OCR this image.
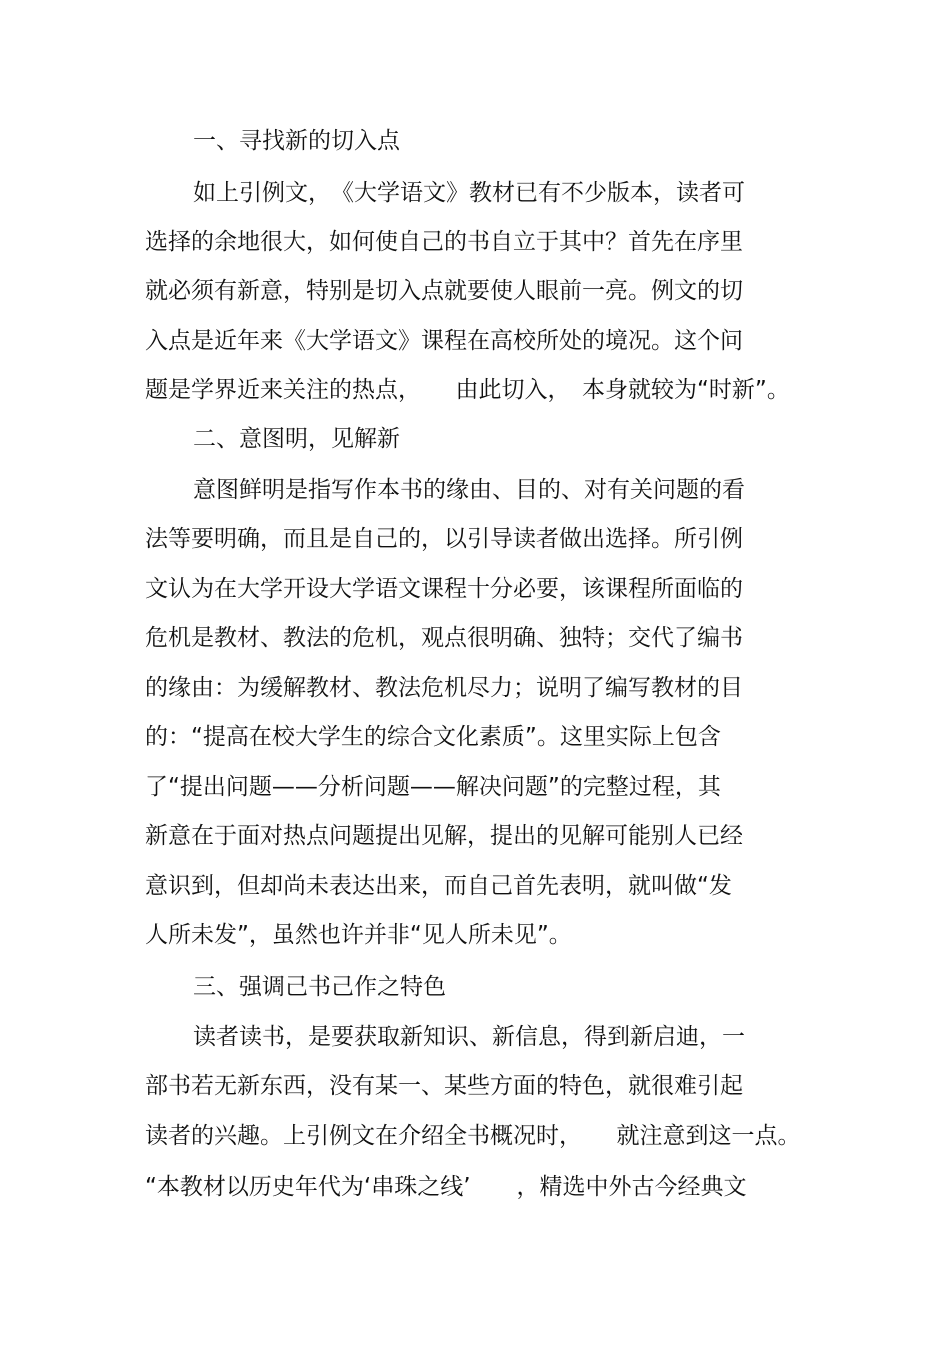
一、寻找新的切入点
如上引例文，　《大学语文》教材已有不少版本，读者可
选择的余地很大，如何使自己的书自立于其中？首先在序里
就必须有新意，特别是切入点就要使人眼前一亮。例文的切
入点是近年来《大学语文》课程在高校所处的境况。这个问
题是学界近来关注的热点，　　由此切入，　本身就较为“时新”。
二、意图明，见解新
意图鲜明是指写作本书的缘由、目的、对有关问题的看
法等要明确，而且是自己的，以引导读者做出选择。所引例
文认为在大学开设大学语文课程十分必要，该课程所面临的
危机是教材、教法的危机，观点很明确、独特；交代了编书
的缘由：为缓解教材、教法危机尽力；说明了编写教材的目
的：“提高在校大学生的综合文化素质”。这里实际上包含
了“提出问题——分析问题——解决问题”的完整过程，其
新意在于面对热点问题提出见解，提出的见解可能别人已经
意识到，但却尚未表达出来，而自己首先表明，就叫做“发
人所未发”，虽然也许并非“见人所未见”。
三、强调己书己作之特色
读者读书，是要获取新知识、新信息，得到新启迪，一
部书若无新东西，没有某一、某些方面的特色，就很难引起
读者的兴趣。上引例文在介绍全书概况时，　　就注意到这一点。
“本教材以历史年代为‘串珠之线’　　，精选中外古今经典文
